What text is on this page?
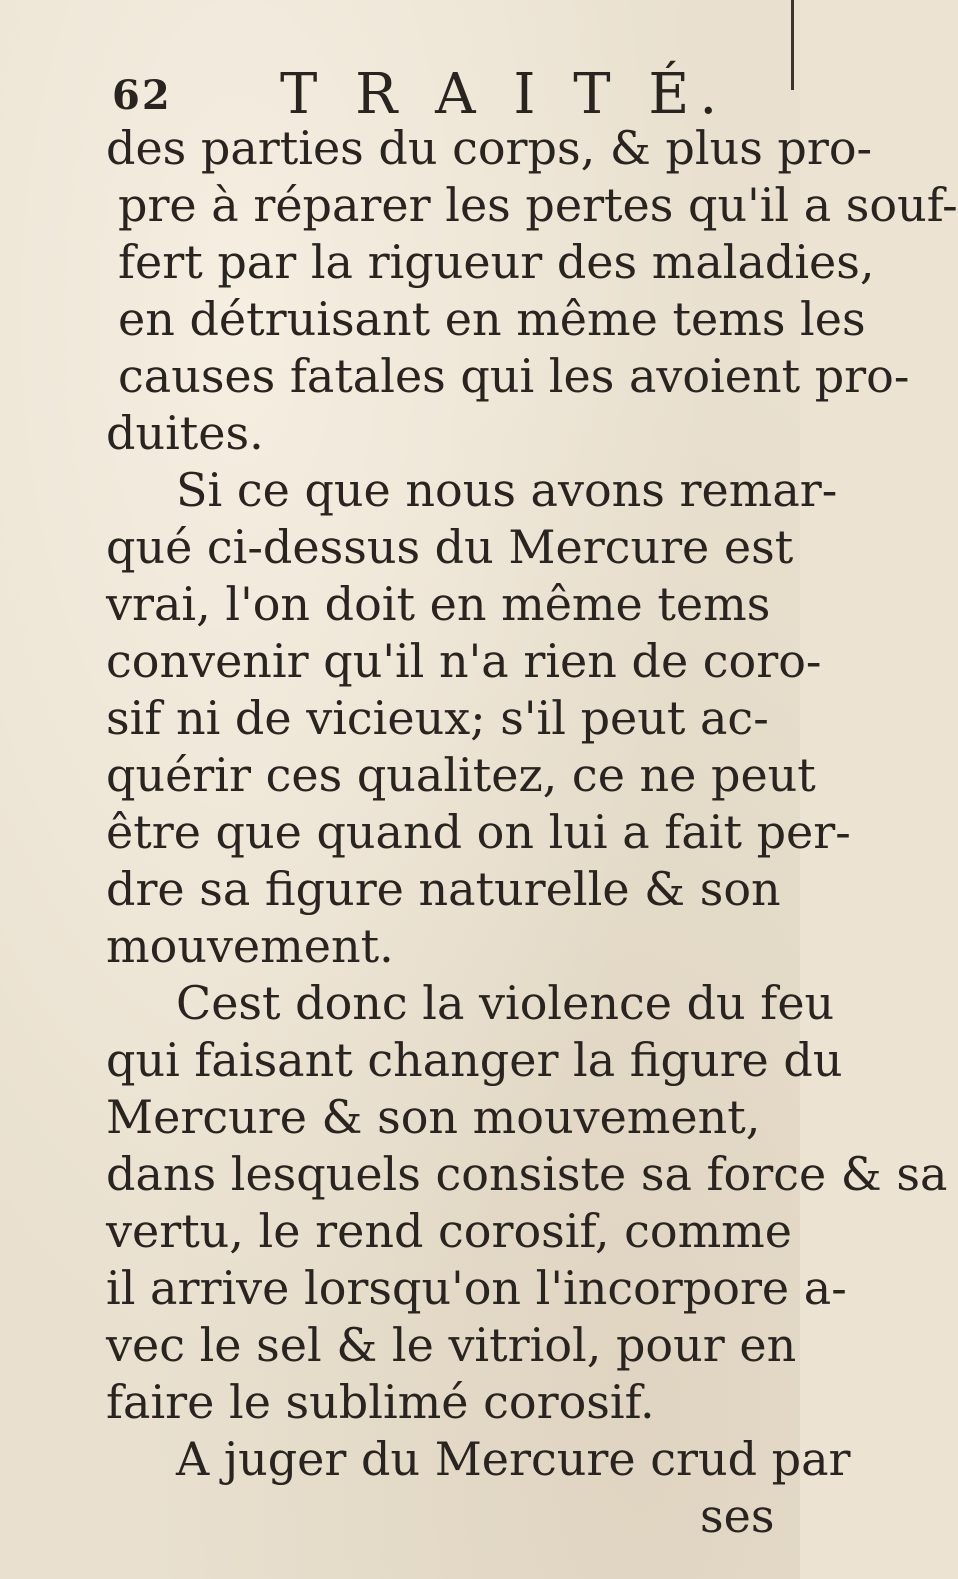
62 T R A I T É.
des parties du corps, & plus pro-
pre à réparer les pertes qu'il a souf-
fert par la rigueur des maladies,
en détruisant en même tems les
causes fatales qui les avoient pro-
duites.
Si ce que nous avons remar-
qué ci-dessus du Mercure est
vrai, l'on doit en même tems
convenir qu'il n'a rien de coro-
sif ni de vicieux; s'il peut ac-
quérir ces qualitez, ce ne peut
être que quand on lui a fait per-
dre sa figure naturelle & son
mouvement.
Cest donc la violence du feu
qui faisant changer la figure du
Mercure & son mouvement,
dans lesquels consiste sa force & sa
vertu, le rend corosif, comme
il arrive lorsqu'on l'incorpore a-
vec le sel & le vitriol, pour en
faire le sublimé corosif.
A juger du Mercure crud par
ses
